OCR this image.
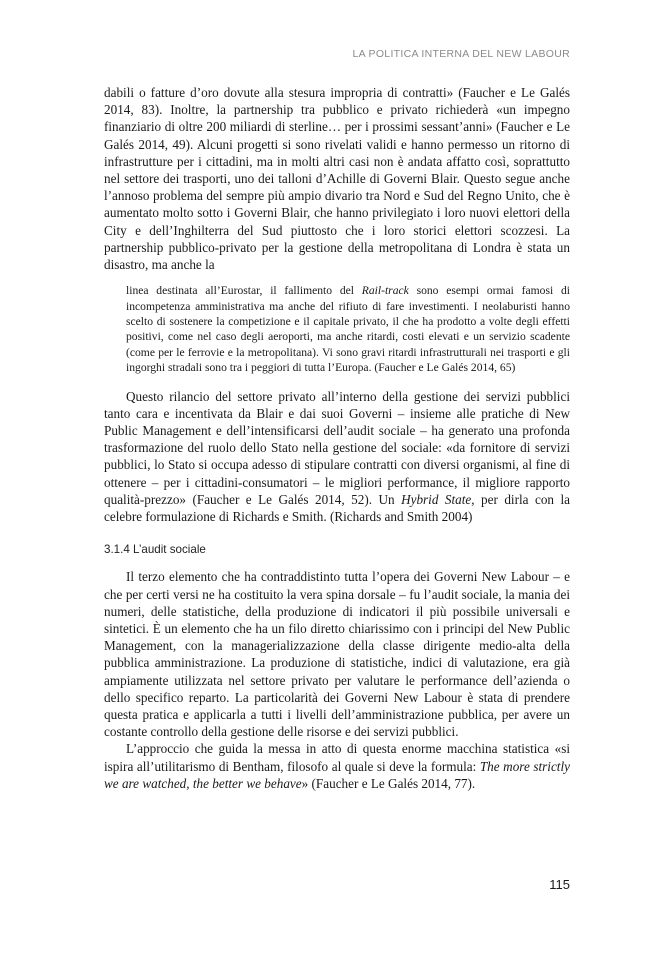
LA POLITICA INTERNA DEL NEW LABOUR

dabili o fatture d’oro dovute alla stesura impropria di contratti» (Faucher e Le Galés 2014, 83). Inoltre, la partnership tra pubblico e privato richiederà «un impegno finanziario di oltre 200 miliardi di sterline… per i prossimi sessant’anni» (Faucher e Le Galés 2014, 49). Alcuni progetti si sono rivelati validi e hanno permesso un ritorno di infrastrutture per i cittadini, ma in molti altri casi non è andata affatto così, soprattutto nel settore dei trasporti, uno dei talloni d’Achille di Governi Blair. Questo segue anche l’annoso problema del sempre più ampio divario tra Nord e Sud del Regno Unito, che è aumentato molto sotto i Governi Blair, che hanno privilegiato i loro nuovi elettori della City e dell’Inghilterra del Sud piuttosto che i loro storici elettori scozzesi. La partnership pubblico-privato per la gestione della metropolitana di Londra è stata un disastro, ma anche la

linea destinata all’Eurostar, il fallimento del Rail-track sono esempi ormai famosi di incompetenza amministrativa ma anche del rifiuto di fare investimenti. I neolaburisti hanno scelto di sostenere la competizione e il capitale privato, il che ha prodotto a volte degli effetti positivi, come nel caso degli aeroporti, ma anche ritardi, costi elevati e un servizio scadente (come per le ferrovie e la metropolitana). Vi sono gravi ritardi infrastrutturali nei trasporti e gli ingorghi stradali sono tra i peggiori di tutta l’Europa. (Faucher e Le Galés 2014, 65)

Questo rilancio del settore privato all’interno della gestione dei servizi pubblici tanto cara e incentivata da Blair e dai suoi Governi – insieme alle pratiche di New Public Management e dell’intensificarsi dell’audit sociale – ha generato una profonda trasformazione del ruolo dello Stato nella gestione del sociale: «da fornitore di servizi pubblici, lo Stato si occupa adesso di stipulare contratti con diversi organismi, al fine di ottenere – per i cittadini-consumatori – le migliori performance, il migliore rapporto qualità-prezzo» (Faucher e Le Galés 2014, 52). Un Hybrid State, per dirla con la celebre formulazione di Richards e Smith. (Richards and Smith 2004)

3.1.4 L’audit sociale

Il terzo elemento che ha contraddistinto tutta l’opera dei Governi New Labour – e che per certi versi ne ha costituito la vera spina dorsale – fu l’audit sociale, la mania dei numeri, delle statistiche, della produzione di indicatori il più possibile universali e sintetici. È un elemento che ha un filo diretto chiarissimo con i principi del New Public Management, con la managerializzazione della classe dirigente medio-alta della pubblica amministrazione. La produzione di statistiche, indici di valutazione, era già ampiamente utilizzata nel settore privato per valutare le performance dell’azienda o dello specifico reparto. La particolarità dei Governi New Labour è stata di prendere questa pratica e applicarla a tutti i livelli dell’amministrazione pubblica, per avere un costante controllo della gestione delle risorse e dei servizi pubblici.

L’approccio che guida la messa in atto di questa enorme macchina statistica «si ispira all’utilitarismo di Bentham, filosofo al quale si deve la formula: The more strictly we are watched, the better we behave» (Faucher e Le Galés 2014, 77).

115
